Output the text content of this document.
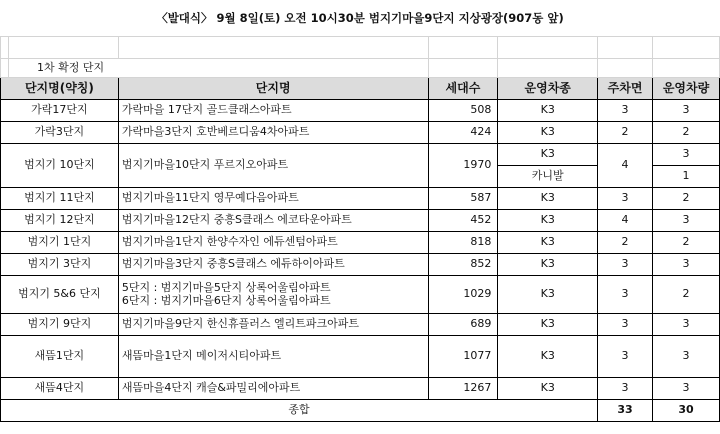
〈발대식〉 9월 8일(토) 오전 10시30분 범지기마을9단지 지상광장(907동 앞)						

	1차 확정 단지					
단지명(약칭)		단지명	세대수	운영차종	주차면	운영차량
가락17단지		가락마을 17단지 골드클래스아파트	508	K3	3	3
가락3단지		가락마을3단지 호반베르디움4차아파트	424	K3	2	2
범지기 10단지		범지기마을10단지 푸르지오아파트	1970	K3	4	3
				카니발		1
범지기 11단지		범지기마을11단지 영무예다음아파트	587	K3	3	2
범지기 12단지		범지기마을12단지 중흥S클래스 에코타운아파트	452	K3	4	3
범지기 1단지		범지기마을1단지 한양수자인 에듀센텀아파트	818	K3	2	2
범지기 3단지		범지기마을3단지 중흥S클래스 에듀하이아파트	852	K3	3	3
범지기 5&6 단지		5단지 : 범지기마을5단지 상록어울림아파트
6단지 : 범지기마을6단지 상록어울림아파트	1029	K3	3	2
범지기 9단지		범지기마을9단지 한신휴플러스 엘리트파크아파트	689	K3	3	3
새뜸1단지		새뜸마을1단지 메이저시티아파트	1077	K3	3	3
새뜸4단지		새뜸마을4단지 캐슬&파밀리에아파트	1267	K3	3	3
종합					33	30
